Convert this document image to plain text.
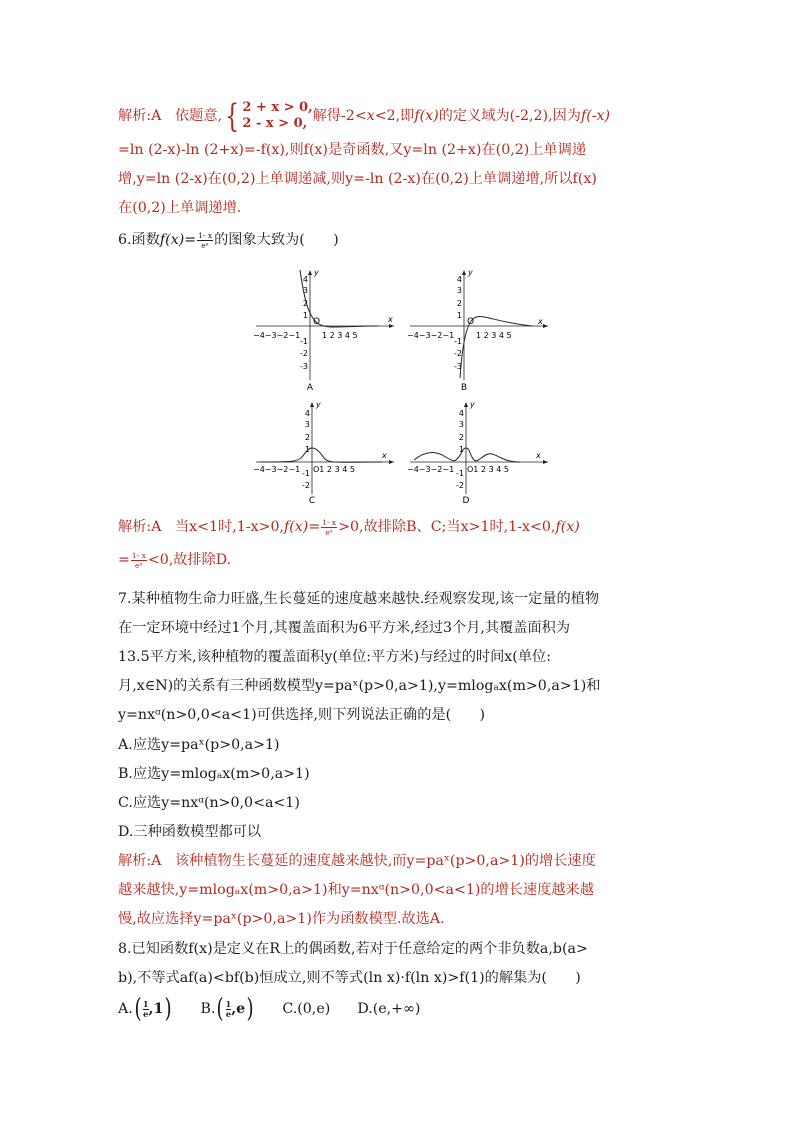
解析:A 依题意,{ 2 + x > 0,
2 - x > 0, 解得-2<x<2,即f(x)的定义域为(-2,2),因为f(-x)
=ln (2-x)-ln (2+x)=-f(x),则f(x)是奇函数,又y=ln (2+x)在(0,2)上单调递
增,y=ln (2-x)在(0,2)上单调递减,则y=-ln (2-x)在(0,2)上单调递增,所以f(x)
在(0,2)上单调递增.
6.函数$f(x)= \frac{1- x}{\text{eˣ}}$ 的图象大致为(　　)
x
y
O
4
3
2
1
-1
-2
-3
−4−3−2−1	1 2 3 4 5
A
x
y
O
4
3
2
1
-1
-2
-3
−4−3−2−1	1 2 3 4 5
B
x
y
4
3
2
1
-1
-2
−4−3−2−1 O1 2 3 4 5
C
x
y
4
3
2
1
-1
-2
−4−3−2−1 O1 2 3 4 5
D
解析:A 当x<1时$,1-x>0,f(x)= \frac{1- x}{\text{eˣ}} >0$,故排除B、C;当x>1时,1-x<0,f(x)
= $\frac{1- x}{\text{eˣ}} <0$,故排除D.
7.某种植物生命力旺盛,生长蔓延的速度越来越快.经观察发现,该一定量的植物
在一定环境中经过1个月,其覆盖面积为6平方米,经过3个月,其覆盖面积为
13.5平方米,该种植物的覆盖面积y(单位:平方米)与经过的时间x(单位:
月,x∈N)的关系有三种函数模型y=paˣ(p>0,a>1),y=mlogₐx(m>0,a>1)和
y=nxᵅ(n>0,0<a<1)可供选择,则下列说法正确的是(　　)
A.应选y=paˣ(p>0,a>1)
B.应选y=mlogₐx(m>0,a>1)
C.应选y=nxᵅ(n>0,0<a<1)
D.三种函数模型都可以
解析:A 该种植物生长蔓延的速度越来越快,而y=paˣ(p>0,a>1)的增长速度
越来越快,y=mlogₐx(m>0,a>1)和y=nxᵅ(n>0,0<a<1)的增长速度越来越
慢,故应选择y=paˣ(p>0,a>1)作为函数模型.故选A.
8.已知函数f(x)是定义在R上的偶函数,若对于任意给定的两个非负数a,b(a>
b),不等式af(a)<bf(b)恒成立,则不等式(ln x)·f(ln x)>f(1)的解集为(　　)
$A.( \frac{1}{e},1)$ $B.( \frac{1}{e},e)$ C.(0,e) D.(e,+∞)
